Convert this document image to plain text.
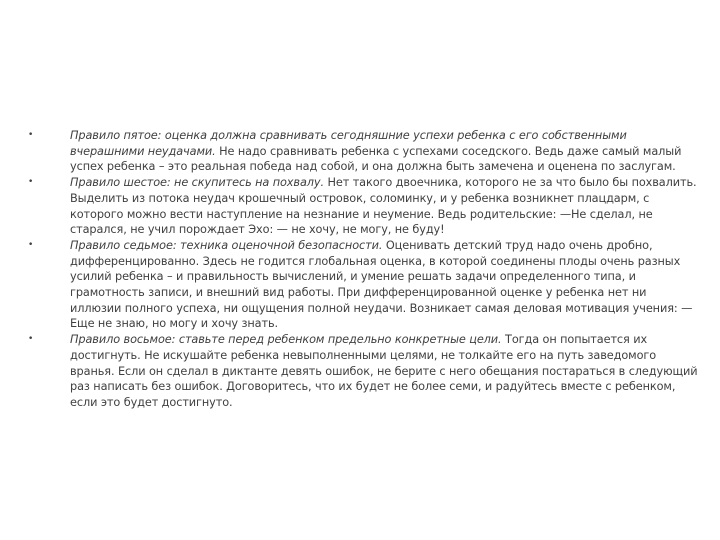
•	Правило пятое: оценка должна сравнивать сегодняшние успехи ребенка с его собственными вчерашними неудачами. Не надо сравнивать ребенка с успехами соседского. Ведь даже самый малый успех ребенка – это реальная победа над собой, и она должна быть замечена и оценена по заслугам.
•	Правило шестое: не скупитесь на похвалу. Нет такого двоечника, которого не за что было бы похвалить. Выделить из потока неудач крошечный островок, соломинку, и у ребенка возникнет плацдарм, с которого можно вести наступление на незнание и неумение. Ведь родительские: —Не сделал, не старался, не учил порождает Эхо: — не хочу, не могу, не буду!
•	Правило седьмое: техника оценочной безопасности. Оценивать детский труд надо очень дробно, дифференцированно. Здесь не годится глобальная оценка, в которой соединены плоды очень разных усилий ребенка – и правильность вычислений, и умение решать задачи определенного типа, и грамотность записи, и внешний вид работы. При дифференцированной оценке у ребенка нет ни иллюзии полного успеха, ни ощущения полной неудачи. Возникает самая деловая мотивация учения: —Еще не знаю, но могу и хочу знать.
•	Правило восьмое: ставьте перед ребенком предельно конкретные цели. Тогда он попытается их достигнуть. Не искушайте ребенка невыполненными целями, не толкайте его на путь заведомого вранья. Если он сделал в диктанте девять ошибок, не берите с него обещания постараться в следующий раз написать без ошибок. Договоритесь, что их будет не более семи, и радуйтесь вместе с ребенком, если это будет достигнуто.
